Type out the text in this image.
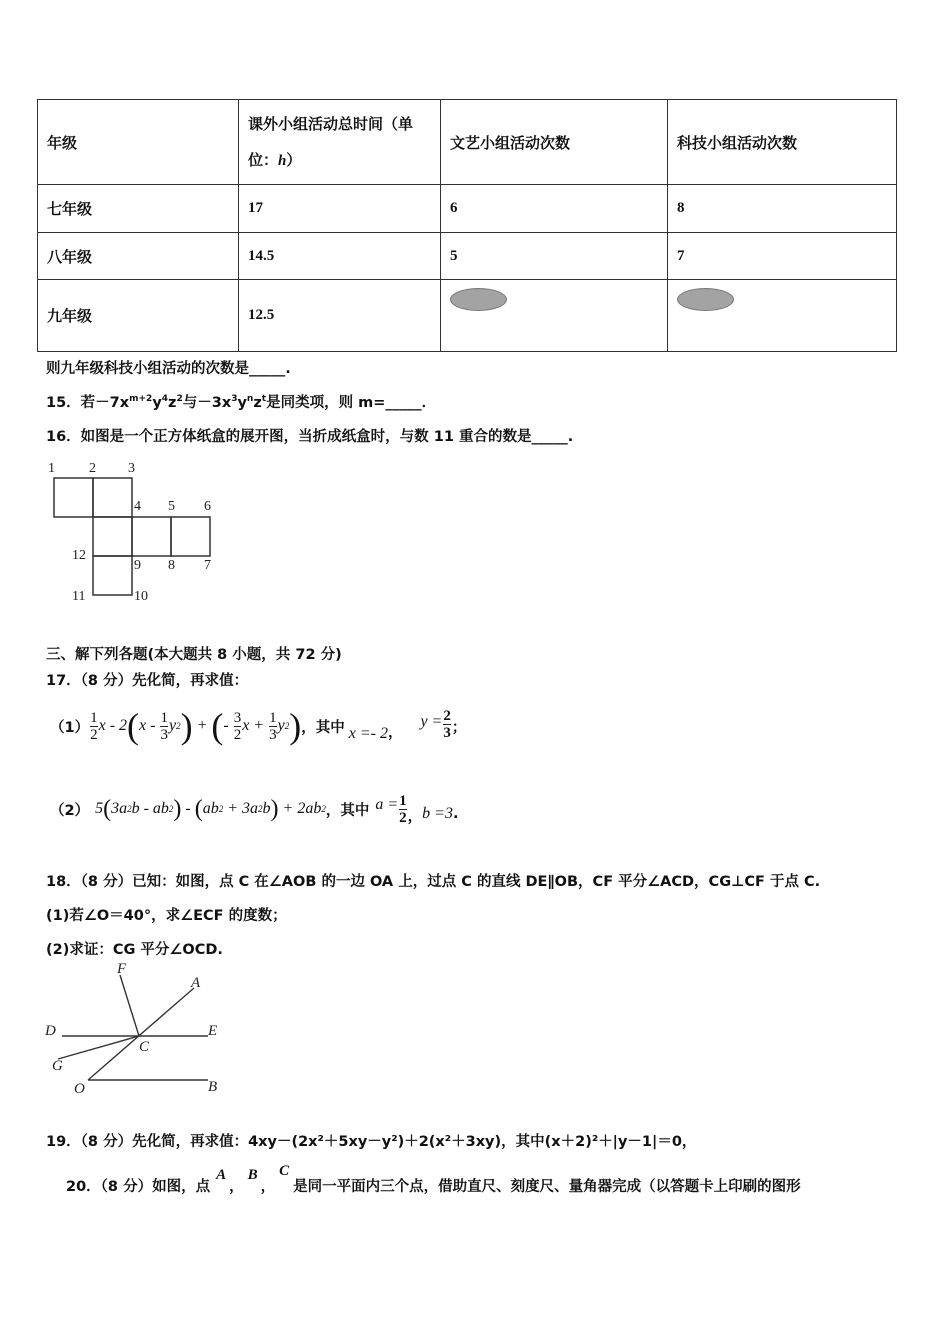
年级	课外小组活动总时间（单
位：h）	文艺小组活动次数	科技小组活动次数
七年级	17	6	8
八年级	14.5	5	7
九年级	12.5		
则九年级科技小组活动的次数是_____.
15．若$-7x^{m+2}y^4z^2$与$-3x^3y^nz^t$是同类项，则 m=_____．
16．如图是一个正方体纸盒的展开图，当折成纸盒时，与数 11 重合的数是_____.
1 2 3
4 5 6
12
9 8 7
11	10
三、解下列各题(本大题共 8 小题，共 72 分)
17．（8 分）先化简，再求值：
$(1) \frac{1}{2}$ x - 2 ( x - $\frac{1}{3}$ y 2 ) + ( - $\frac{3}{2}$ $x + \frac{1}{3}$ y 2 ) ，其中 x =- 2 ，
$y = \frac{2}{3}$ ；
（2） 5 ( 3a 2 b - ab 2 ) - ( ab 2 + 3a 2 b ) + 2ab 2 ，其中 $a = \frac{1}{2}$ ， b =3 .
18．（8 分）已知：如图，点 C 在∠AOB 的一边 OA 上，过点 C 的直线 DE∥OB，CF 平分∠ACD，CG⊥CF 于点 C.
(1)若∠O＝40°，求∠ECF 的度数；
(2)求证：CG 平分∠OCD.
F
A
D	E
G
C
O	B
19．（8 分）先化简，再求值：4xy－(2x²＋5xy－y²)＋2(x²＋3xy)，其中(x＋2)²＋|y－1|＝0，
20．（8 分）如图，点
A
，
B
，
C
是同一平面内三个点，借助直尺、刻度尺、量角器完成（以答题卡上印刷的图形
